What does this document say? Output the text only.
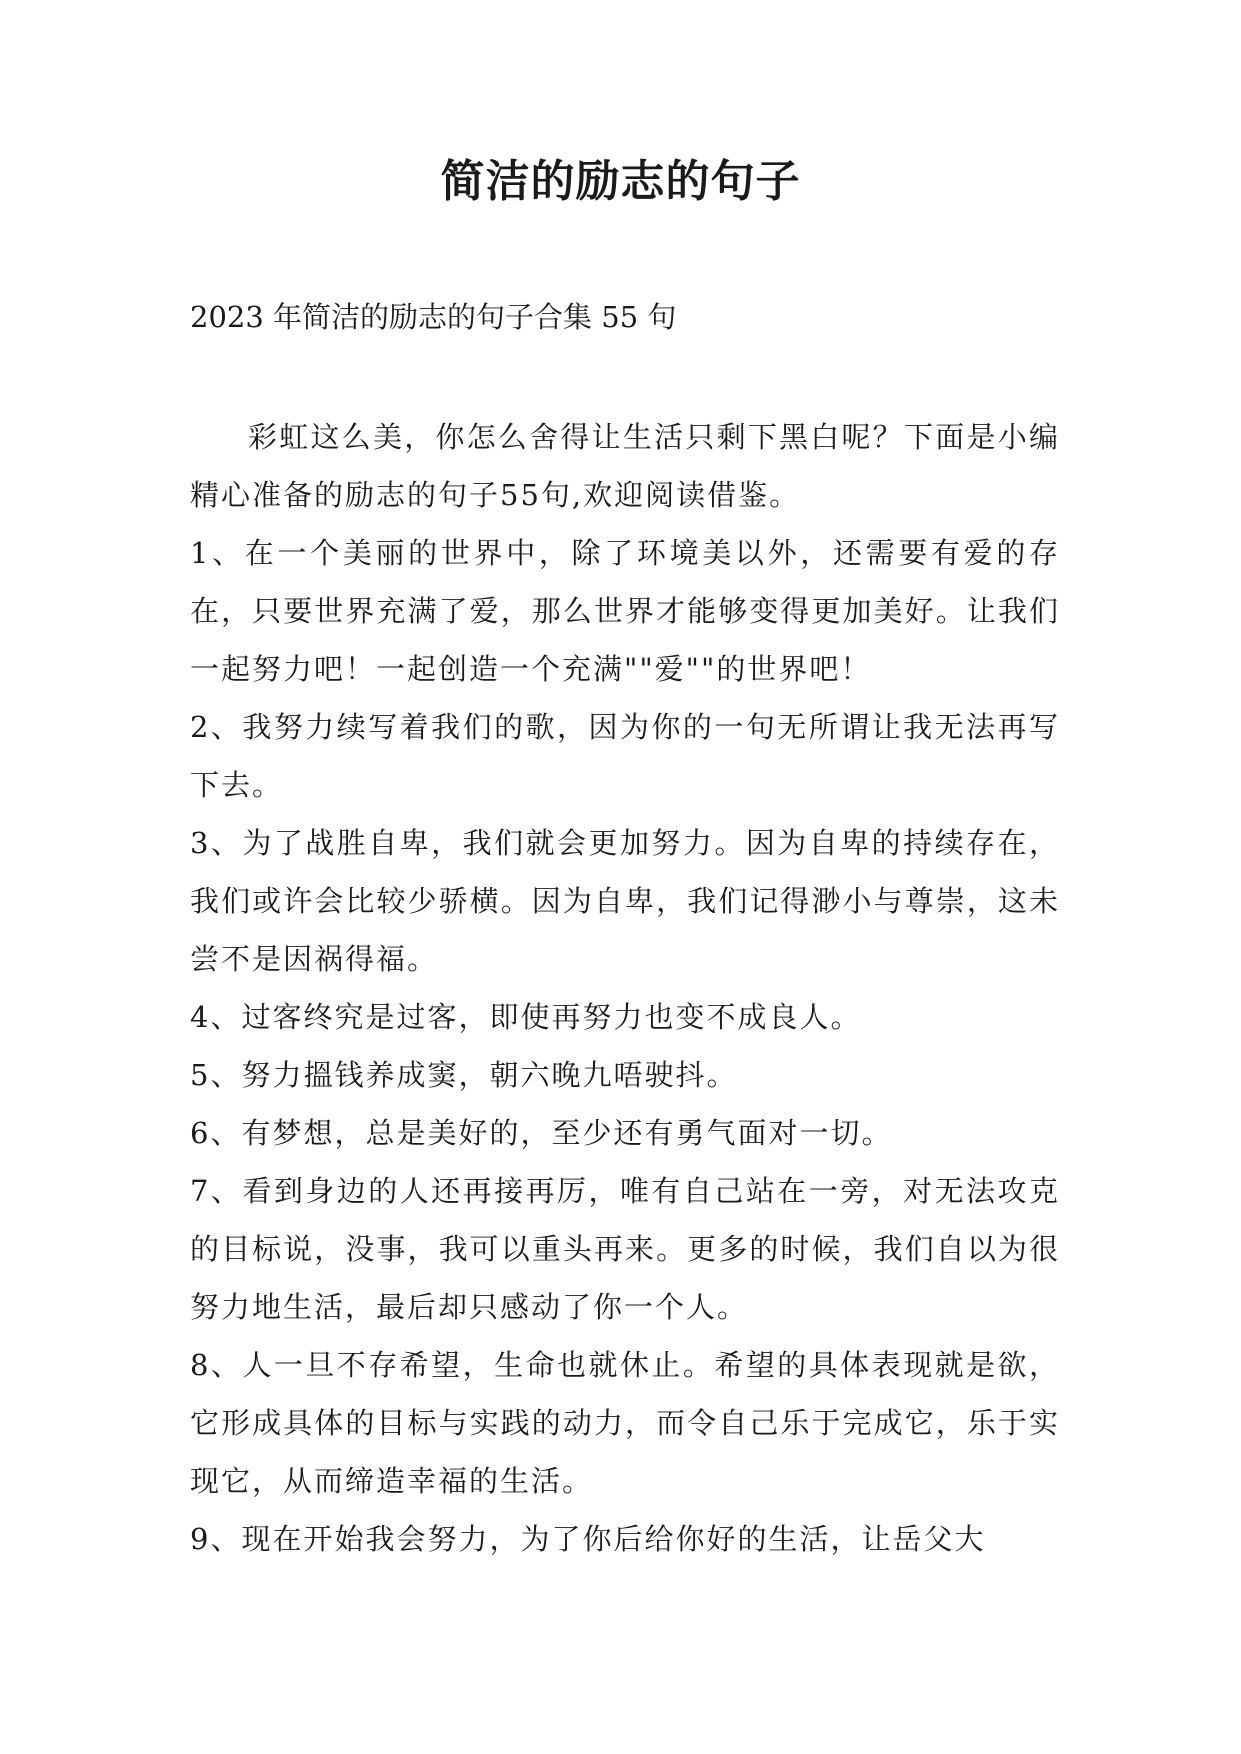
简洁的励志的句子
2023 年简洁的励志的句子合集 55 句

彩虹这么美，你怎么舍得让生活只剩下黑白呢？下面是小编精心准备的励志的句子55句,欢迎阅读借鉴。

1、在一个美丽的世界中，除了环境美以外，还需要有爱的存在，只要世界充满了爱，那么世界才能够变得更加美好。让我们一起努力吧！一起创造一个充满""爱""的世界吧！

2、我努力续写着我们的歌，因为你的一句无所谓让我无法再写下去。

3、为了战胜自卑，我们就会更加努力。因为自卑的持续存在，我们或许会比较少骄横。因为自卑，我们记得渺小与尊崇，这未尝不是因祸得福。

4、过客终究是过客，即使再努力也变不成良人。

5、努力搵钱养成窦，朝六晚九唔驶抖。

6、有梦想，总是美好的，至少还有勇气面对一切。

7、看到身边的人还再接再厉，唯有自己站在一旁，对无法攻克的目标说，没事，我可以重头再来。更多的时候，我们自以为很努力地生活，最后却只感动了你一个人。

8、人一旦不存希望，生命也就休止。希望的具体表现就是欲，它形成具体的目标与实践的动力，而令自己乐于完成它，乐于实现它，从而缔造幸福的生活。

9、现在开始我会努力，为了你后给你好的生活，让岳父大
